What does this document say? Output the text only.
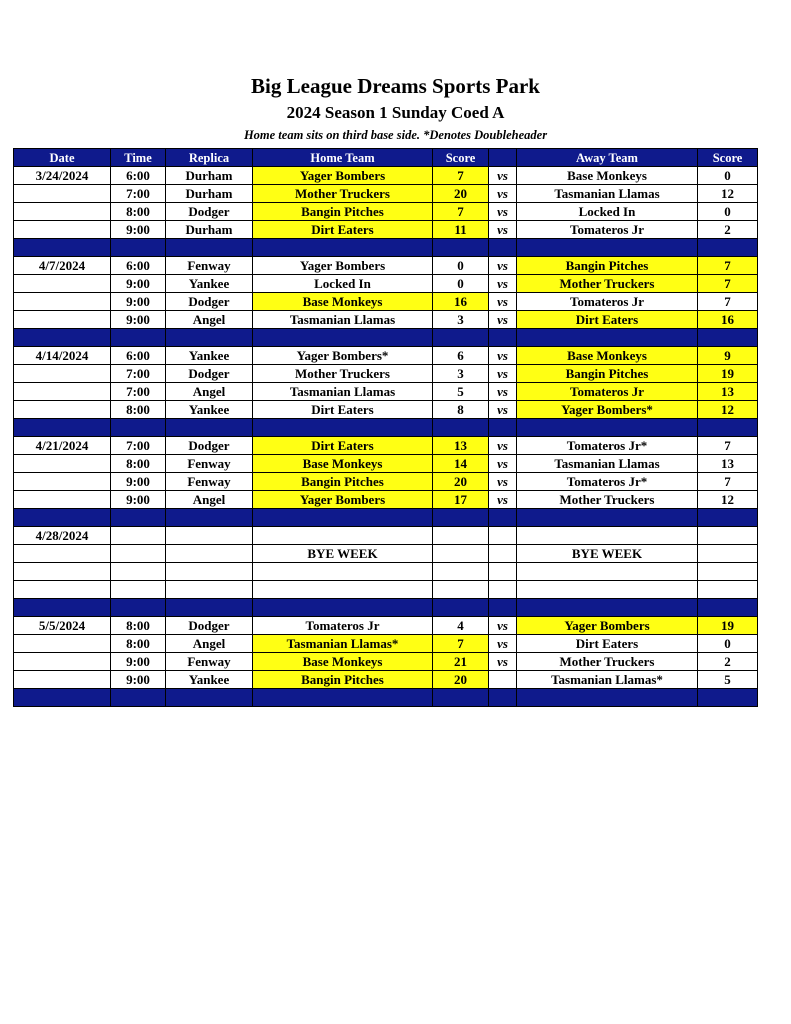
Big League Dreams Sports Park
2024 Season 1 Sunday Coed A
Home team sits on third base side. *Denotes Doubleheader
Date	Time	Replica	Home Team	Score		Away Team	Score
3/24/2024	6:00	Durham	Yager Bombers	7	vs	Base Monkeys	0
	7:00	Durham	Mother Truckers	20	vs	Tasmanian Llamas	12
	8:00	Dodger	Bangin Pitches	7	vs	Locked In	0
	9:00	Durham	Dirt Eaters	11	vs	Tomateros Jr	2

4/7/2024	6:00	Fenway	Yager Bombers	0	vs	Bangin Pitches	7
	9:00	Yankee	Locked In	0	vs	Mother Truckers	7
	9:00	Dodger	Base Monkeys	16	vs	Tomateros Jr	7
	9:00	Angel	Tasmanian Llamas	3	vs	Dirt Eaters	16

4/14/2024	6:00	Yankee	Yager Bombers*	6	vs	Base Monkeys	9
	7:00	Dodger	Mother Truckers	3	vs	Bangin Pitches	19
	7:00	Angel	Tasmanian Llamas	5	vs	Tomateros Jr	13
	8:00	Yankee	Dirt Eaters	8	vs	Yager Bombers*	12

4/21/2024	7:00	Dodger	Dirt Eaters	13	vs	Tomateros Jr*	7
	8:00	Fenway	Base Monkeys	14	vs	Tasmanian Llamas	13
	9:00	Fenway	Bangin Pitches	20	vs	Tomateros Jr*	7
	9:00	Angel	Yager Bombers	17	vs	Mother Truckers	12

4/28/2024							
			BYE WEEK			BYE WEEK	

5/5/2024	8:00	Dodger	Tomateros Jr	4	vs	Yager Bombers	19
	8:00	Angel	Tasmanian Llamas*	7	vs	Dirt Eaters	0
	9:00	Fenway	Base Monkeys	21	vs	Mother Truckers	2
	9:00	Yankee	Bangin Pitches	20		Tasmanian Llamas*	5
